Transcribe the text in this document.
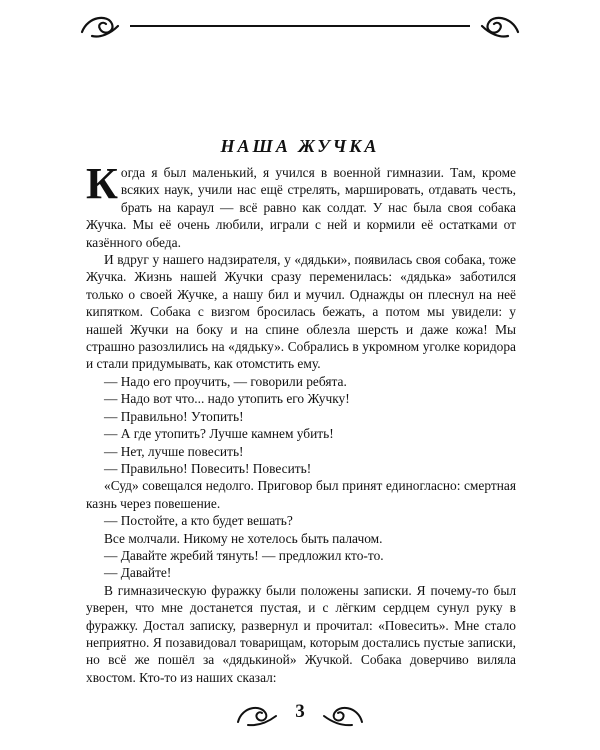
НАША ЖУЧКА

Когда я был маленький, я учился в военной гимназии. Там, кроме всяких наук, учили нас ещё стрелять, маршировать, отдавать честь, брать на караул — всё равно как солдат. У нас была своя собака Жучка. Мы её очень любили, играли с ней и кормили её остатками от казённого обеда.

И вдруг у нашего надзирателя, у «дядьки», появилась своя собака, тоже Жучка. Жизнь нашей Жучки сразу переменилась: «дядька» заботился только о своей Жучке, а нашу бил и мучил. Однажды он плеснул на неё кипятком. Собака с визгом бросилась бежать, а потом мы увидели: у нашей Жучки на боку и на спине облезла шерсть и даже кожа! Мы страшно разозлились на «дядьку». Собрались в укромном уголке коридора и стали придумывать, как отомстить ему.

— Надо его проучить, — говорили ребята.

— Надо вот что... надо утопить его Жучку!

— Правильно! Утопить!

— А где утопить? Лучше камнем убить!

— Нет, лучше повесить!

— Правильно! Повесить! Повесить!

«Суд» совещался недолго. Приговор был принят единогласно: смертная казнь через повешение.

— Постойте, а кто будет вешать?

Все молчали. Никому не хотелось быть палачом.

— Давайте жребий тянуть! — предложил кто-то.

— Давайте!

В гимназическую фуражку были положены записки. Я почему-то был уверен, что мне достанется пустая, и с лёгким сердцем сунул руку в фуражку. Достал записку, развернул и прочитал: «Повесить». Мне стало неприятно. Я позавидовал товарищам, которым достались пустые записки, но всё же пошёл за «дядькиной» Жучкой. Собака доверчиво виляла хвостом. Кто-то из наших сказал:

3
